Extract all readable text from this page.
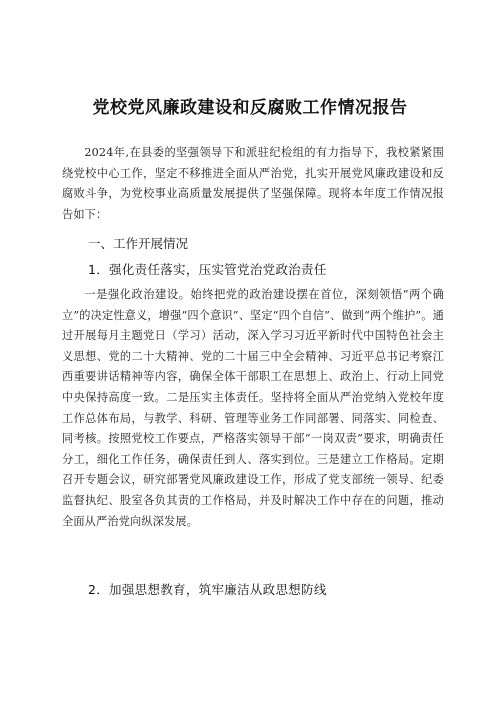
党校党风廉政建设和反腐败工作情况报告

2024年,在县委的坚强领导下和派驻纪检组的有力指导下，我校紧紧围绕党校中心工作，坚定不移推进全面从严治党，扎实开展党风廉政建设和反腐败斗争，为党校事业高质量发展提供了坚强保障。现将本年度工作情况报告如下：

一、工作开展情况
1．强化责任落实，压实管党治党政治责任

一是强化政治建设。始终把党的政治建设摆在首位，深刻领悟“两个确立”的决定性意义，增强“四个意识”、坚定“四个自信”、做到“两个维护”。通过开展每月主题党日（学习）活动，深入学习习近平新时代中国特色社会主义思想、党的二十大精神、党的二十届三中全会精神、习近平总书记考察江西重要讲话精神等内容，确保全体干部职工在思想上、政治上、行动上同党中央保持高度一致。二是压实主体责任。坚持将全面从严治党纳入党校年度工作总体布局，与教学、科研、管理等业务工作同部署、同落实、同检查、同考核。按照党校工作要点，严格落实领导干部“一岗双责”要求，明确责任分工，细化工作任务，确保责任到人、落实到位。三是建立工作格局。定期召开专题会议，研究部署党风廉政建设工作，形成了党支部统一领导、纪委监督执纪、股室各负其责的工作格局，并及时解决工作中存在的问题，推动全面从严治党向纵深发展。

2．加强思想教育，筑牢廉洁从政思想防线
